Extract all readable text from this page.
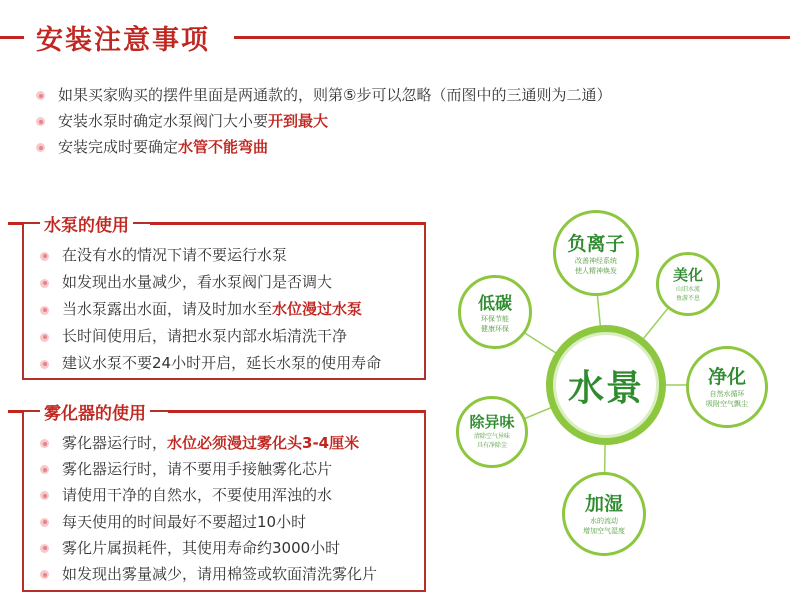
安装注意事项
如果买家购买的摆件里面是两通款的，则第⑤步可以忽略（而图中的三通则为二通）
安装水泵时确定水泵阀门大小要开到最大
安装完成时要确定水管不能弯曲
水泵的使用
在没有水的情况下请不要运行水泵
如发现出水量减少，看水泵阀门是否调大
当水泵露出水面，请及时加水至水位漫过水泵
长时间使用后，请把水泵内部水垢清洗干净
建议水泵不要24小时开启，延长水泵的使用寿命
雾化器的使用
雾化器运行时，水位必须漫过雾化头3-4厘米
雾化器运行时，请不要用手接触雾化芯片
请使用干净的自然水，不要使用浑浊的水
每天使用的时间最好不要超过10小时
雾化片属损耗件，其使用寿命约3000小时
如发现出雾量减少，请用棉签或软面清洗雾化片
负离子
改善神经系统
使人精神焕发	美化
山旧水流
鱼游不息
净化
自然水循环
吸附空气飘尘
加湿
水的流动
增加空气湿度
除异味
清除空气异味
具有净除尘
低碳
环保节能
健康环保
水景
